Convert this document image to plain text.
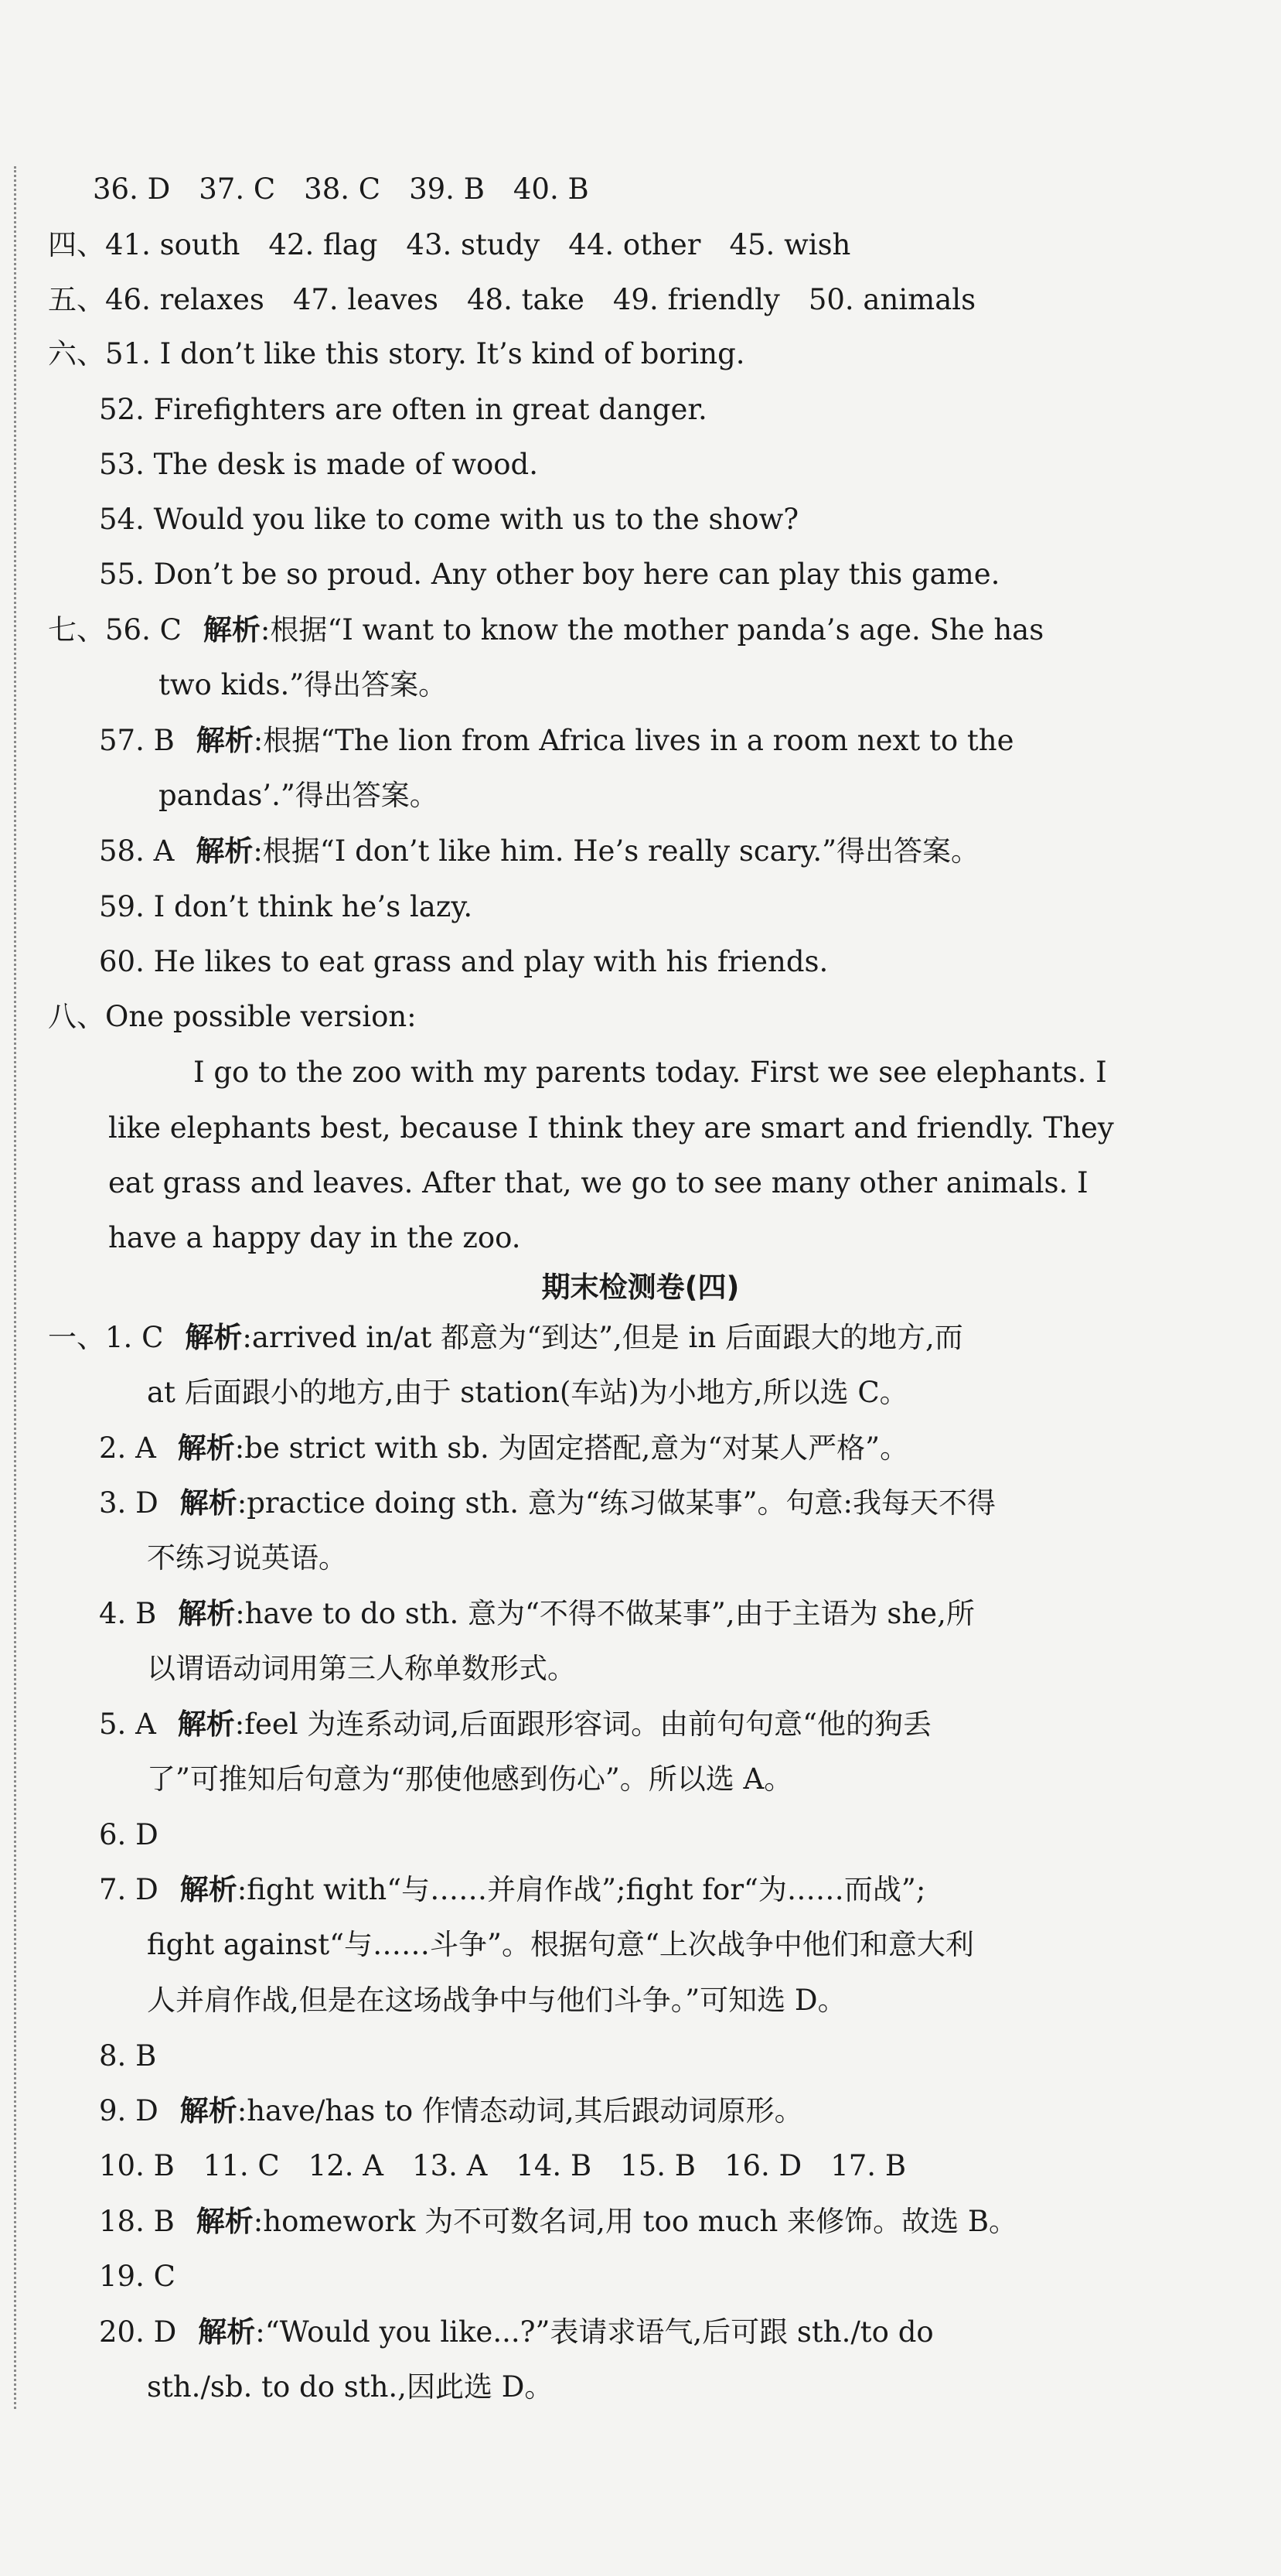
36. D　37. C　38. C　39. B　40. B
四、41. south　42. flag　43. study　44. other　45. wish
五、46. relaxes　47. leaves　48. take　49. friendly　50. animals
六、51. I don’t like this story. It’s kind of boring.
52. Firefighters are often in great danger.
53. The desk is made of wood.
54. Would you like to come with us to the show?
55. Don’t be so proud. Any other boy here can play this game.
七、56. C 解析:根据“I want to know the mother panda’s age. She has
two kids.”得出答案。
57. B 解析:根据“The lion from Africa lives in a room next to the
pandas’.”得出答案。
58. A 解析:根据“I don’t like him. He’s really scary.”得出答案。
59. I don’t think he’s lazy.
60. He likes to eat grass and play with his friends.
八、One possible version:
I go to the zoo with my parents today. First we see elephants. I
like elephants best, because I think they are smart and friendly. They
eat grass and leaves. After that, we go to see many other animals. I
have a happy day in the zoo.
期末检测卷(四)
一、1. C 解析:arrived in/at 都意为“到达”,但是 in 后面跟大的地方,而
at 后面跟小的地方,由于 station(车站)为小地方,所以选 C。
2. A 解析:be strict with sb. 为固定搭配,意为“对某人严格”。
3. D 解析:practice doing sth. 意为“练习做某事”。句意:我每天不得
不练习说英语。
4. B 解析:have to do sth. 意为“不得不做某事”,由于主语为 she,所
以谓语动词用第三人称单数形式。
5. A 解析:feel 为连系动词,后面跟形容词。由前句句意“他的狗丢
了”可推知后句意为“那使他感到伤心”。所以选 A。
6. D
7. D 解析:fight with“与……并肩作战”;fight for“为……而战”;
fight against“与……斗争”。根据句意“上次战争中他们和意大利
人并肩作战,但是在这场战争中与他们斗争。”可知选 D。
8. B
9. D 解析:have/has to 作情态动词,其后跟动词原形。
10. B　11. C　12. A　13. A　14. B　15. B　16. D　17. B
18. B 解析:homework 为不可数名词,用 too much 来修饰。故选 B。
19. C
20. D 解析:“Would you like...?”表请求语气,后可跟 sth./to do
sth./sb. to do sth.,因此选 D。
